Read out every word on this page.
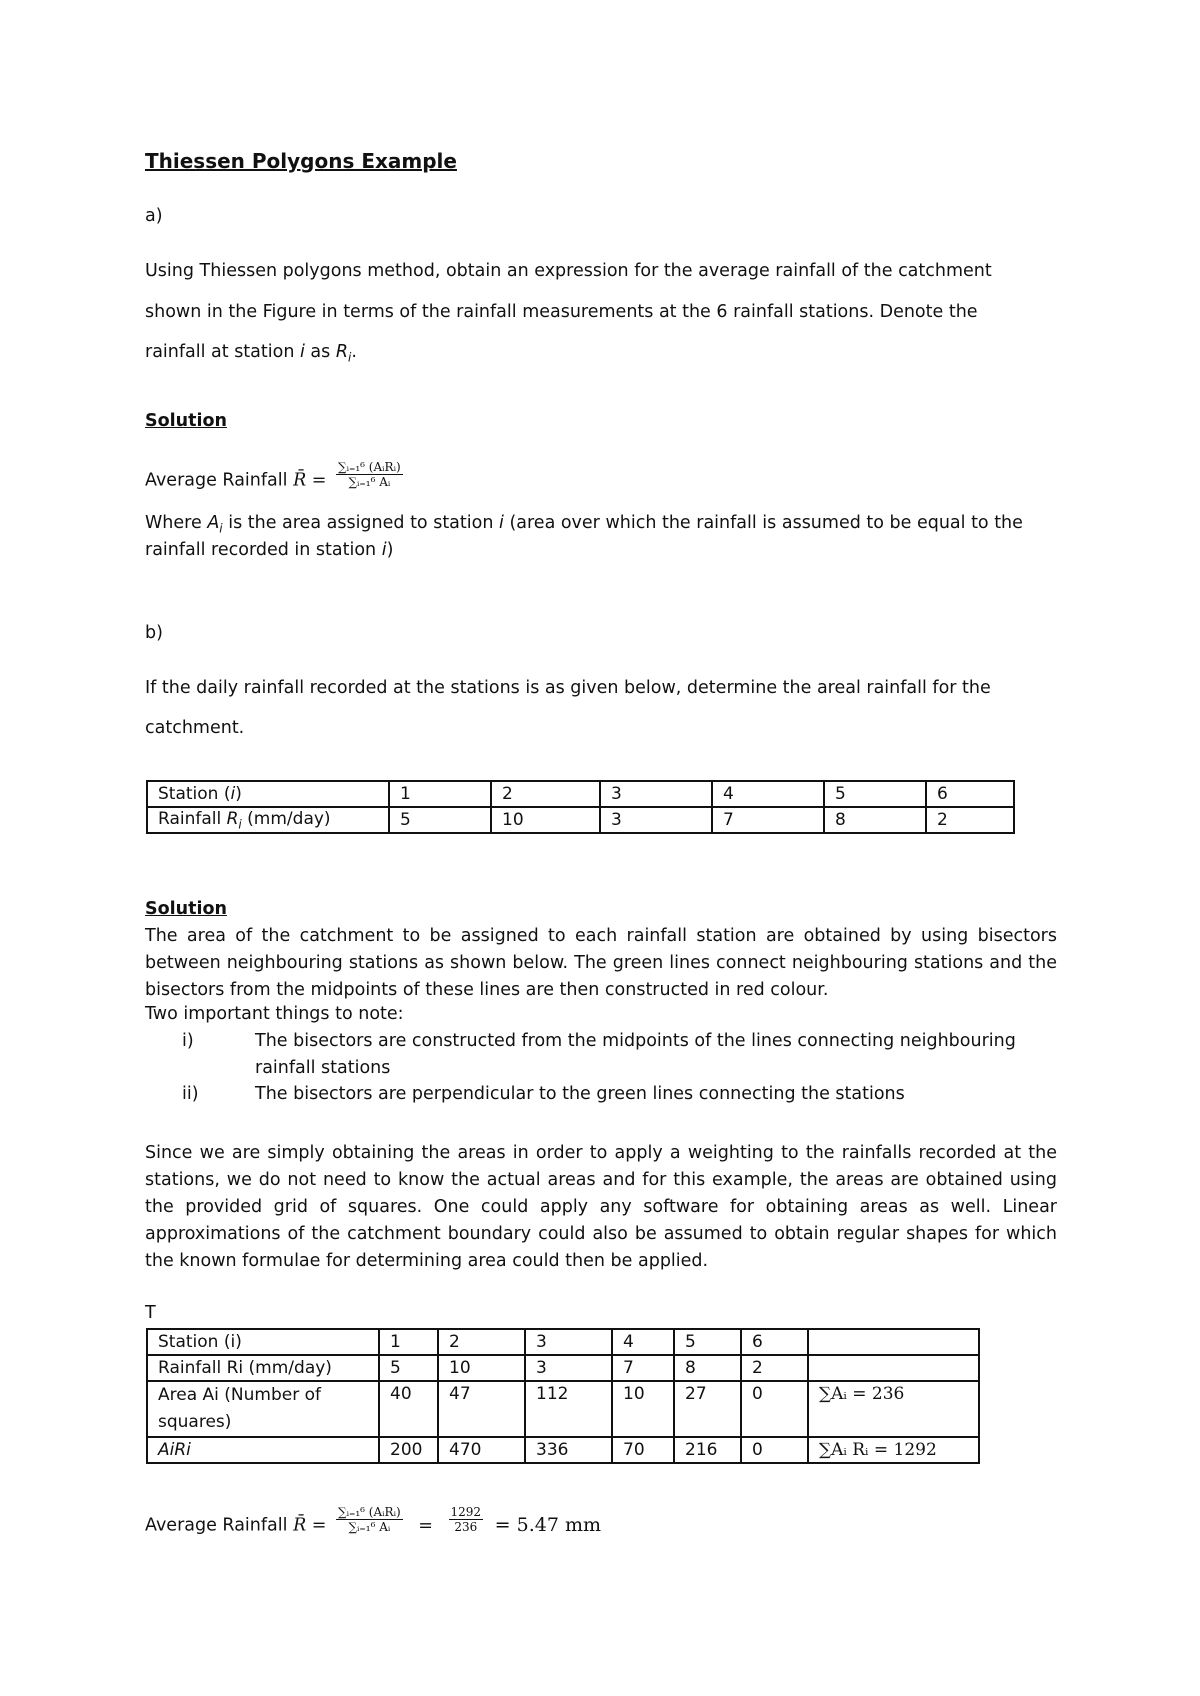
Thiessen Polygons Example
a)
Using Thiessen polygons method, obtain an expression for the average rainfall of the catchment
shown in the Figure in terms of the rainfall measurements at the 6 rainfall stations. Denote the
rainfall at station i as $R_i$.
Solution
Average Rainfall R̄ = $\frac{\text{∑ᵢ₌₁⁶ (AᵢRᵢ)}}{\text{∑ᵢ₌₁⁶ Aᵢ}}$
Where $A_i$ is the area assigned to station i (area over which the rainfall is assumed to be equal to the
rainfall recorded in station i)
b)
If the daily rainfall recorded at the stations is as given below, determine the areal rainfall for the
catchment.
Station (i)	1	2	3	4	5	6
Rainfall $R_i$ (mm/day)	5	10	3	7	8	2
Solution

The area of the catchment to be assigned to each rainfall station are obtained by using bisectors between neighbouring stations as shown below. The green lines connect neighbouring stations and the bisectors from the midpoints of these lines are then constructed in red colour.

Two important things to note:
i)	The bisectors are constructed from the midpoints of the lines connecting neighbouring
rainfall stations
ii)	The bisectors are perpendicular to the green lines connecting the stations

Since we are simply obtaining the areas in order to apply a weighting to the rainfalls recorded at the stations, we do not need to know the actual areas and for this example, the areas are obtained using the provided grid of squares. One could apply any software for obtaining areas as well. Linear approximations of the catchment boundary could also be assumed to obtain regular shapes for which the known formulae for determining area could then be applied.

T
Station (i)	1	2	3	4	5	6	
Rainfall Ri (mm/day)	5	10	3	7	8	2	
Area Ai (Number of
squares)	40	47	112	10	27	0	∑Aᵢ = 236
AiRi	200	470	336	70	216	0	∑Aᵢ Rᵢ = 1292
Average Rainfall R̄ = $\frac{\text{∑ᵢ₌₁⁶ (AᵢRᵢ)}}{\text{∑ᵢ₌₁⁶ Aᵢ}} = \frac{1292}{236} = 5.47$ mm
